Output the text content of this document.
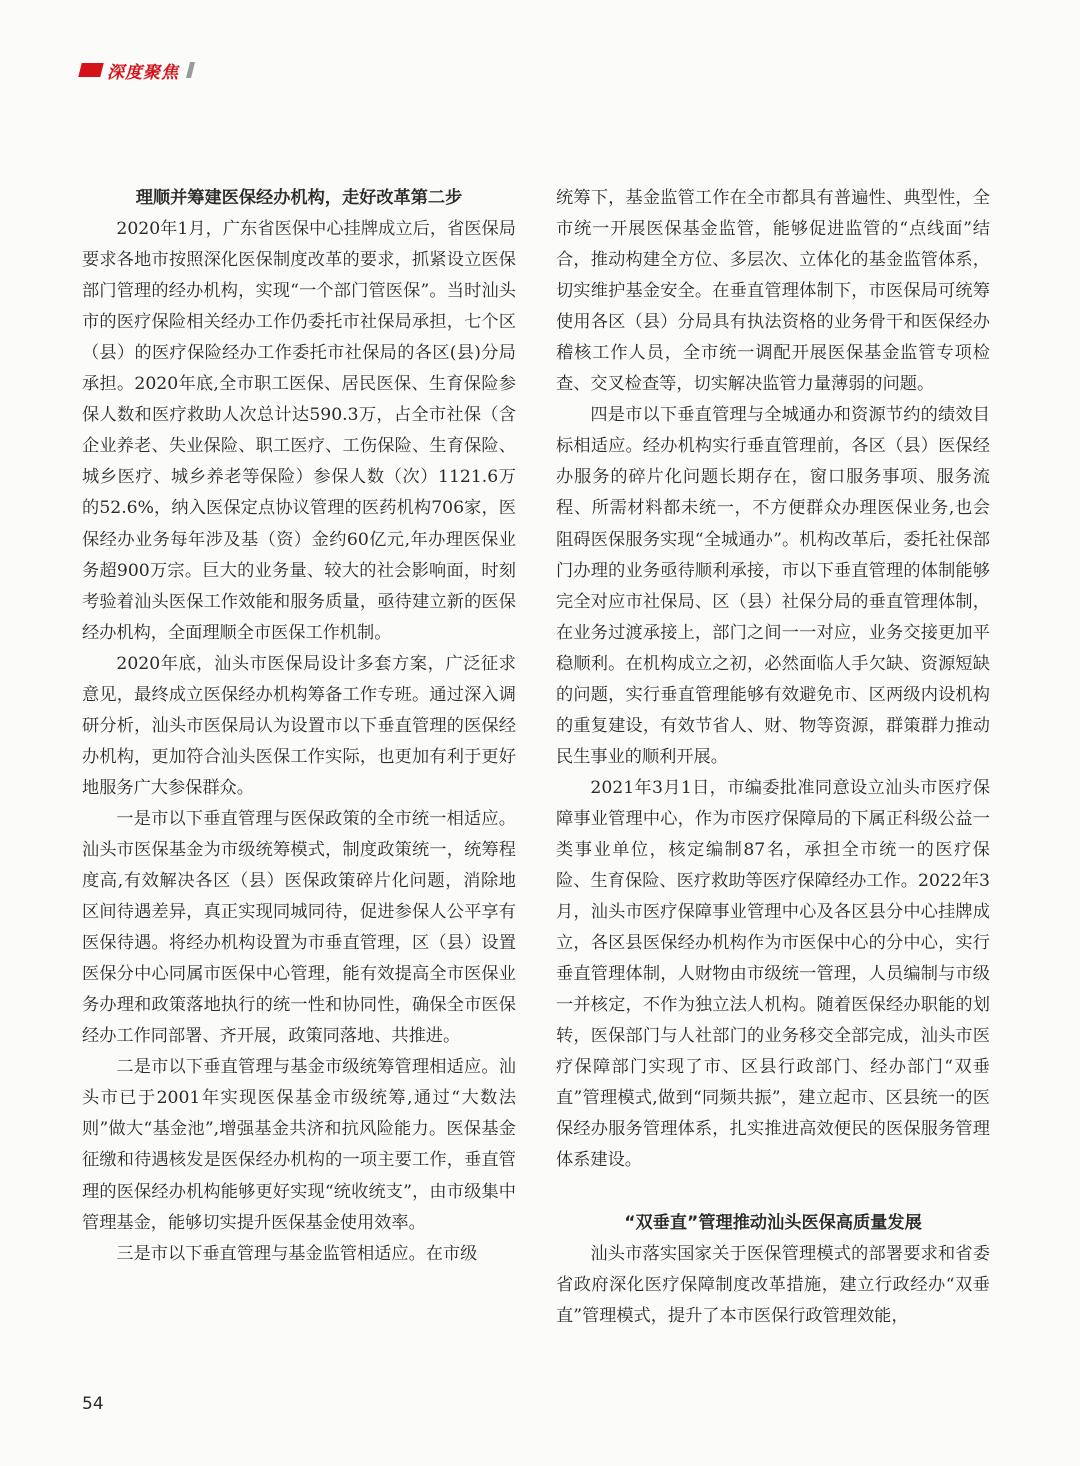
深度聚焦
理顺并筹建医保经办机构，走好改革第二步

2020年1月，广东省医保中心挂牌成立后，省医保局要求各地市按照深化医保制度改革的要求，抓紧设立医保部门管理的经办机构，实现“一个部门管医保”。当时汕头市的医疗保险相关经办工作仍委托市社保局承担，七个区（县）的医疗保险经办工作委托市社保局的各区(县)分局承担。2020年底,全市职工医保、居民医保、生育保险参保人数和医疗救助人次总计达590.3万，占全市社保（含企业养老、失业保险、职工医疗、工伤保险、生育保险、城乡医疗、城乡养老等保险）参保人数（次）1121.6万的52.6%，纳入医保定点协议管理的医药机构706家，医保经办业务每年涉及基（资）金约60亿元,年办理医保业务超900万宗。巨大的业务量、较大的社会影响面，时刻考验着汕头医保工作效能和服务质量，亟待建立新的医保经办机构，全面理顺全市医保工作机制。

2020年底，汕头市医保局设计多套方案，广泛征求意见，最终成立医保经办机构筹备工作专班。通过深入调研分析，汕头市医保局认为设置市以下垂直管理的医保经办机构，更加符合汕头医保工作实际，也更加有利于更好地服务广大参保群众。

一是市以下垂直管理与医保政策的全市统一相适应。汕头市医保基金为市级统筹模式，制度政策统一，统筹程度高,有效解决各区（县）医保政策碎片化问题，消除地区间待遇差异，真正实现同城同待，促进参保人公平享有医保待遇。将经办机构设置为市垂直管理，区（县）设置医保分中心同属市医保中心管理，能有效提高全市医保业务办理和政策落地执行的统一性和协同性，确保全市医保经办工作同部署、齐开展，政策同落地、共推进。

二是市以下垂直管理与基金市级统筹管理相适应。汕头市已于2001年实现医保基金市级统筹,通过“大数法则”做大“基金池”,增强基金共济和抗风险能力。医保基金征缴和待遇核发是医保经办机构的一项主要工作，垂直管理的医保经办机构能够更好实现“统收统支”，由市级集中管理基金，能够切实提升医保基金使用效率。

三是市以下垂直管理与基金监管相适应。在市级

统筹下，基金监管工作在全市都具有普遍性、典型性，全市统一开展医保基金监管，能够促进监管的“点线面”结合，推动构建全方位、多层次、立体化的基金监管体系，切实维护基金安全。在垂直管理体制下，市医保局可统筹使用各区（县）分局具有执法资格的业务骨干和医保经办稽核工作人员，全市统一调配开展医保基金监管专项检查、交叉检查等，切实解决监管力量薄弱的问题。

四是市以下垂直管理与全城通办和资源节约的绩效目标相适应。经办机构实行垂直管理前，各区（县）医保经办服务的碎片化问题长期存在，窗口服务事项、服务流程、所需材料都未统一，不方便群众办理医保业务,也会阻碍医保服务实现“全城通办”。机构改革后，委托社保部门办理的业务亟待顺利承接，市以下垂直管理的体制能够完全对应市社保局、区（县）社保分局的垂直管理体制，在业务过渡承接上，部门之间一一对应，业务交接更加平稳顺利。在机构成立之初，必然面临人手欠缺、资源短缺的问题，实行垂直管理能够有效避免市、区两级内设机构的重复建设，有效节省人、财、物等资源，群策群力推动民生事业的顺利开展。

2021年3月1日，市编委批准同意设立汕头市医疗保障事业管理中心，作为市医疗保障局的下属正科级公益一类事业单位，核定编制87名，承担全市统一的医疗保险、生育保险、医疗救助等医疗保障经办工作。2022年3月，汕头市医疗保障事业管理中心及各区县分中心挂牌成立，各区县医保经办机构作为市医保中心的分中心，实行垂直管理体制，人财物由市级统一管理，人员编制与市级一并核定，不作为独立法人机构。随着医保经办职能的划转，医保部门与人社部门的业务移交全部完成，汕头市医疗保障部门实现了市、区县行政部门、经办部门“双垂直”管理模式,做到“同频共振”，建立起市、区县统一的医保经办服务管理体系，扎实推进高效便民的医保服务管理体系建设。

“双垂直”管理推动汕头医保高质量发展

汕头市落实国家关于医保管理模式的部署要求和省委省政府深化医疗保障制度改革措施，建立行政经办“双垂直”管理模式，提升了本市医保行政管理效能，

54
